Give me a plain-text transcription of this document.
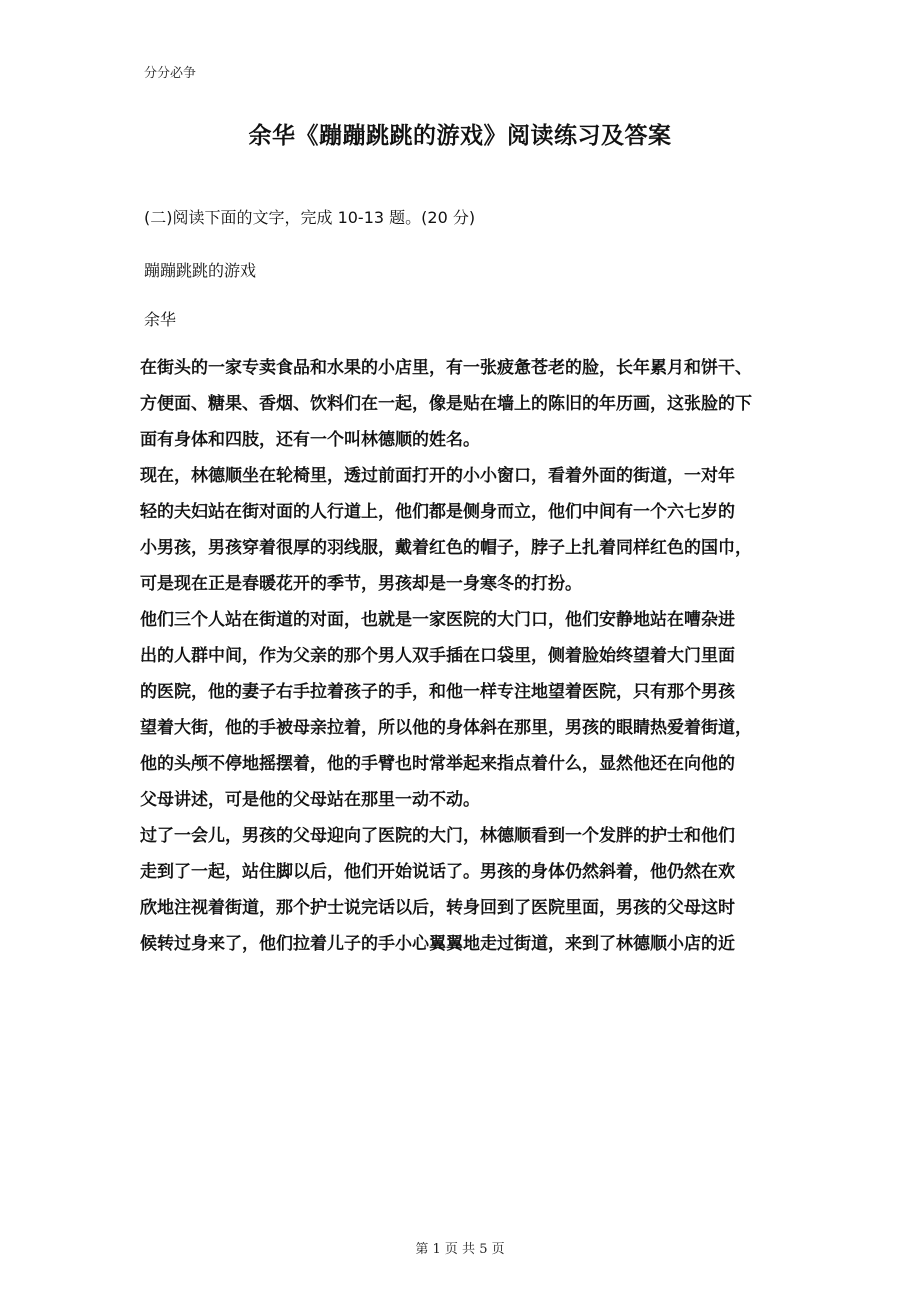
分分必争
余华《蹦蹦跳跳的游戏》阅读练习及答案
(二)阅读下面的文字，完成 10-13 题。(20 分)
蹦蹦跳跳的游戏
余华
在街头的一家专卖食品和水果的小店里，有一张疲惫苍老的脸，长年累月和饼干、
方便面、糖果、香烟、饮料们在一起，像是贴在墙上的陈旧的年历画，这张脸的下
面有身体和四肢，还有一个叫林德顺的姓名。
现在，林德顺坐在轮椅里，透过前面打开的小小窗口，看着外面的街道，一对年
轻的夫妇站在街对面的人行道上，他们都是侧身而立，他们中间有一个六七岁的
小男孩，男孩穿着很厚的羽线服，戴着红色的帽子，脖子上扎着同样红色的国巾，
可是现在正是春暖花开的季节，男孩却是一身寒冬的打扮。
他们三个人站在街道的对面，也就是一家医院的大门口，他们安静地站在嘈杂进
出的人群中间，作为父亲的那个男人双手插在口袋里，侧着脸始终望着大门里面
的医院，他的妻子右手拉着孩子的手，和他一样专注地望着医院，只有那个男孩
望着大街，他的手被母亲拉着，所以他的身体斜在那里，男孩的眼睛热爱着街道，
他的头颅不停地摇摆着，他的手臂也时常举起来指点着什么，显然他还在向他的
父母讲述，可是他的父母站在那里一动不动。
过了一会儿，男孩的父母迎向了医院的大门，林德顺看到一个发胖的护士和他们
走到了一起，站住脚以后，他们开始说话了。男孩的身体仍然斜着，他仍然在欢
欣地注视着街道，那个护士说完话以后，转身回到了医院里面，男孩的父母这时
候转过身来了，他们拉着儿子的手小心翼翼地走过街道，来到了林德顺小店的近
第 1 页 共 5 页
